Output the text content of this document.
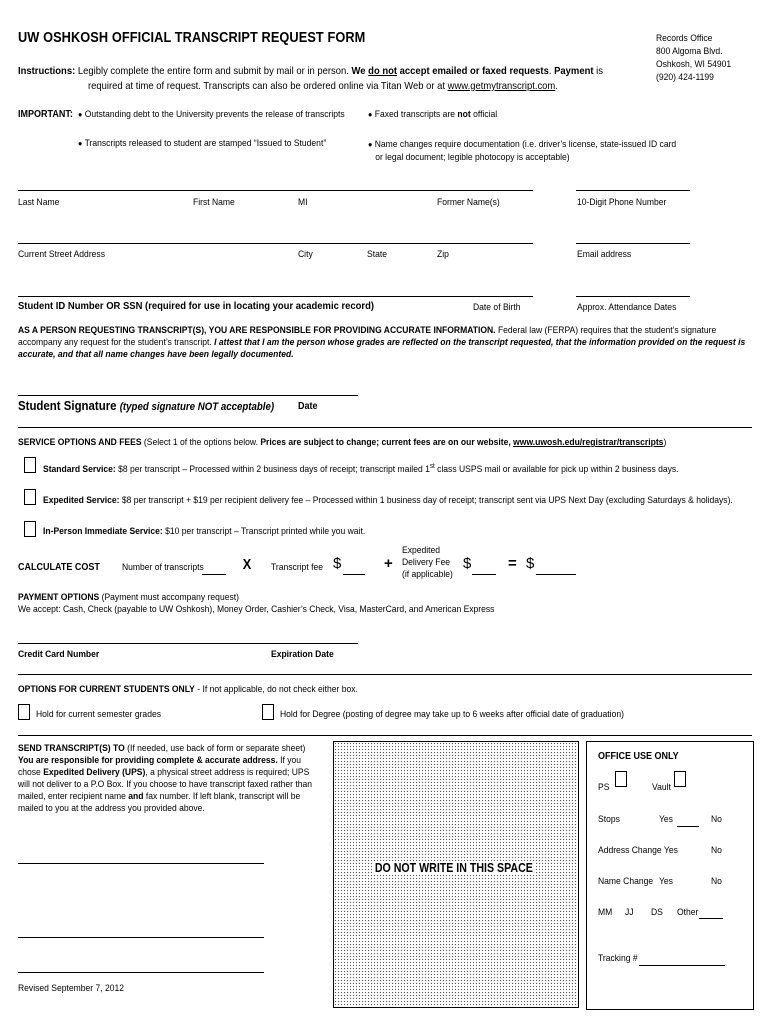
UW OSHKOSH OFFICIAL TRANSCRIPT REQUEST FORM	Records Office
800 Algoma Blvd.
Oshkosh, WI 54901
(920) 424-1199
Instructions: Legibly complete the entire form and submit by mail or in person. We do not accept emailed or faxed requests. Payment is
required at time of request. Transcripts can also be ordered online via Titan Web or at www.getmytranscript.com.
IMPORTANT: ● Outstanding debt to the University prevents the release of transcripts
● Transcripts released to student are stamped “Issued to Student”
● Faxed transcripts are not official
● Name changes require documentation (i.e. driver’s license, state-issued ID card
or legal document; legible photocopy is acceptable)
Last Name	First Name	MI	Former Name(s)	10-Digit Phone Number
Current Street Address	City	State	Zip	Email address
Student ID Number OR SSN (required for use in locating your academic record)	Date of Birth	Approx. Attendance Dates
AS A PERSON REQUESTING TRANSCRIPT(S), YOU ARE RESPONSIBLE FOR PROVIDING ACCURATE INFORMATION. Federal law (FERPA) requires that the student’s signature accompany any request for the student’s transcript. I attest that I am the person whose grades are reflected on the transcript requested, that the information provided on the request is accurate, and that all name changes have been legally documented.
Student Signature (typed signature NOT acceptable) Date
SERVICE OPTIONS AND FEES (Select 1 of the options below. Prices are subject to change; current fees are on our website, www.uwosh.edu/registrar/transcripts)
Standard Service: $8 per transcript – Processed within 2 business days of receipt; transcript mailed 1st class USPS mail or available for pick up within 2 business days.
Expedited Service: $8 per transcript + $19 per recipient delivery fee – Processed within 1 business day of receipt; transcript sent via UPS Next Day (excluding Saturdays & holidays).
In-Person Immediate Service: $10 per transcript – Transcript printed while you wait.
CALCULATE COST Number of transcripts	X Transcript fee $	+
Expedited
Delivery Fee
(if applicable)
$ = $
PAYMENT OPTIONS (Payment must accompany request)
We accept: Cash, Check (payable to UW Oshkosh), Money Order, Cashier’s Check, Visa, MasterCard, and American Express
Credit Card Number	Expiration Date
OPTIONS FOR CURRENT STUDENTS ONLY - If not applicable, do not check either box.
Hold for current semester grades	Hold for Degree (posting of degree may take up to 6 weeks after official date of graduation)
SEND TRANSCRIPT(S) TO (If needed, use back of form or separate sheet) You are responsible for providing complete & accurate address. If you chose Expedited Delivery (UPS), a physical street address is required; UPS will not deliver to a P.O Box. If you choose to have transcript faxed rather than mailed, enter recipient name and fax number. If left blank, transcript will be mailed to you at the address you provided above.
Revised September 7, 2012
DO NOT WRITE IN THIS SPACE
OFFICE USE ONLY
PS	Vault
Stops	Yes	No
Address Change Yes	No
Name Change Yes	No
MM JJ DS Other
Tracking #
